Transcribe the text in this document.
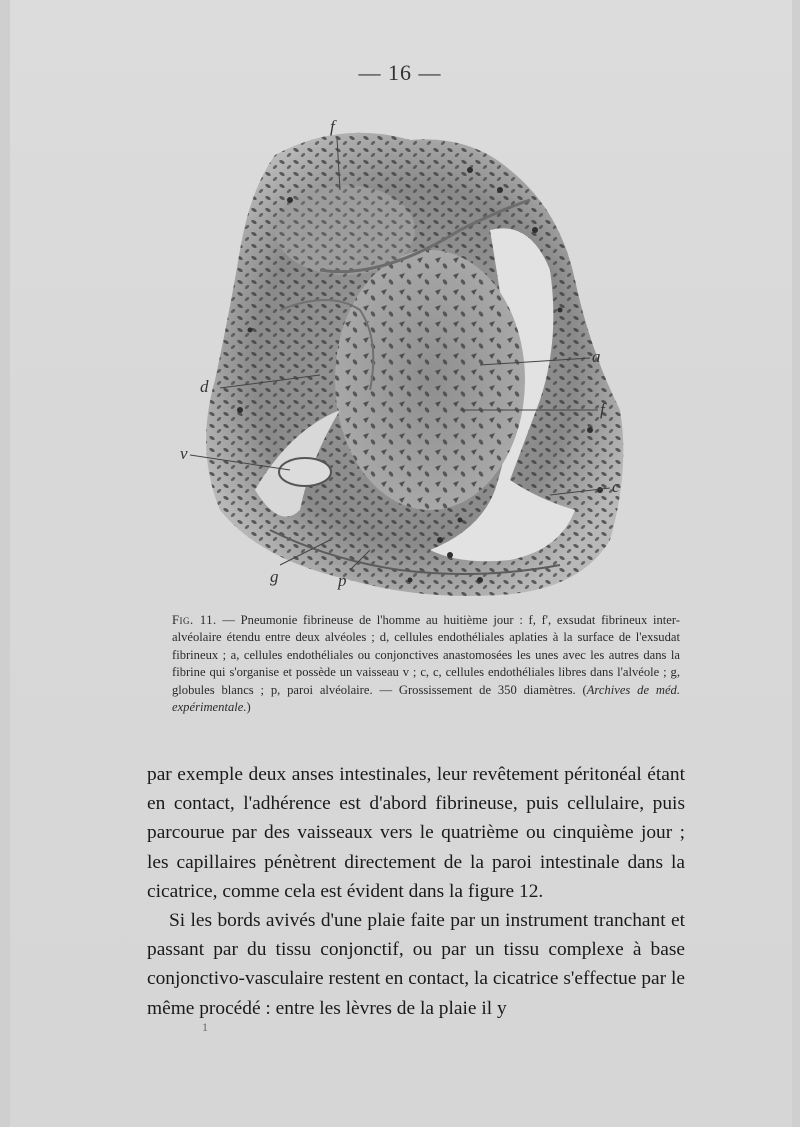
— 16 —
f
a
f
c
d
v
g	p
Fig. 11. — Pneumonie fibrineuse de l'homme au huitième jour : f, f', exsudat fibrineux inter-alvéolaire étendu entre deux alvéoles ; d, cellules endothéliales aplaties à la surface de l'exsudat fibrineux ; a, cellules endothéliales ou conjonctives anastomosées les unes avec les autres dans la fibrine qui s'organise et possède un vaisseau v ; c, c, cellules endothéliales libres dans l'alvéole ; g, globules blancs ; p, paroi alvéolaire. — Grossissement de 350 diamètres. (Archives de méd. expérimentale.)

par exemple deux anses intestinales, leur revêtement péritonéal étant en contact, l'adhérence est d'abord fibrineuse, puis cellulaire, puis parcourue par des vaisseaux vers le quatrième ou cinquième jour ; les capillaires pénètrent directement de la paroi intestinale dans la cicatrice, comme cela est évident dans la figure 12.

Si les bords avivés d'une plaie faite par un instrument tranchant et passant par du tissu conjonctif, ou par un tissu complexe à base conjonctivo-vasculaire restent en contact, la cicatrice s'effectue par le même procédé : entre les lèvres de la plaie il y

1
